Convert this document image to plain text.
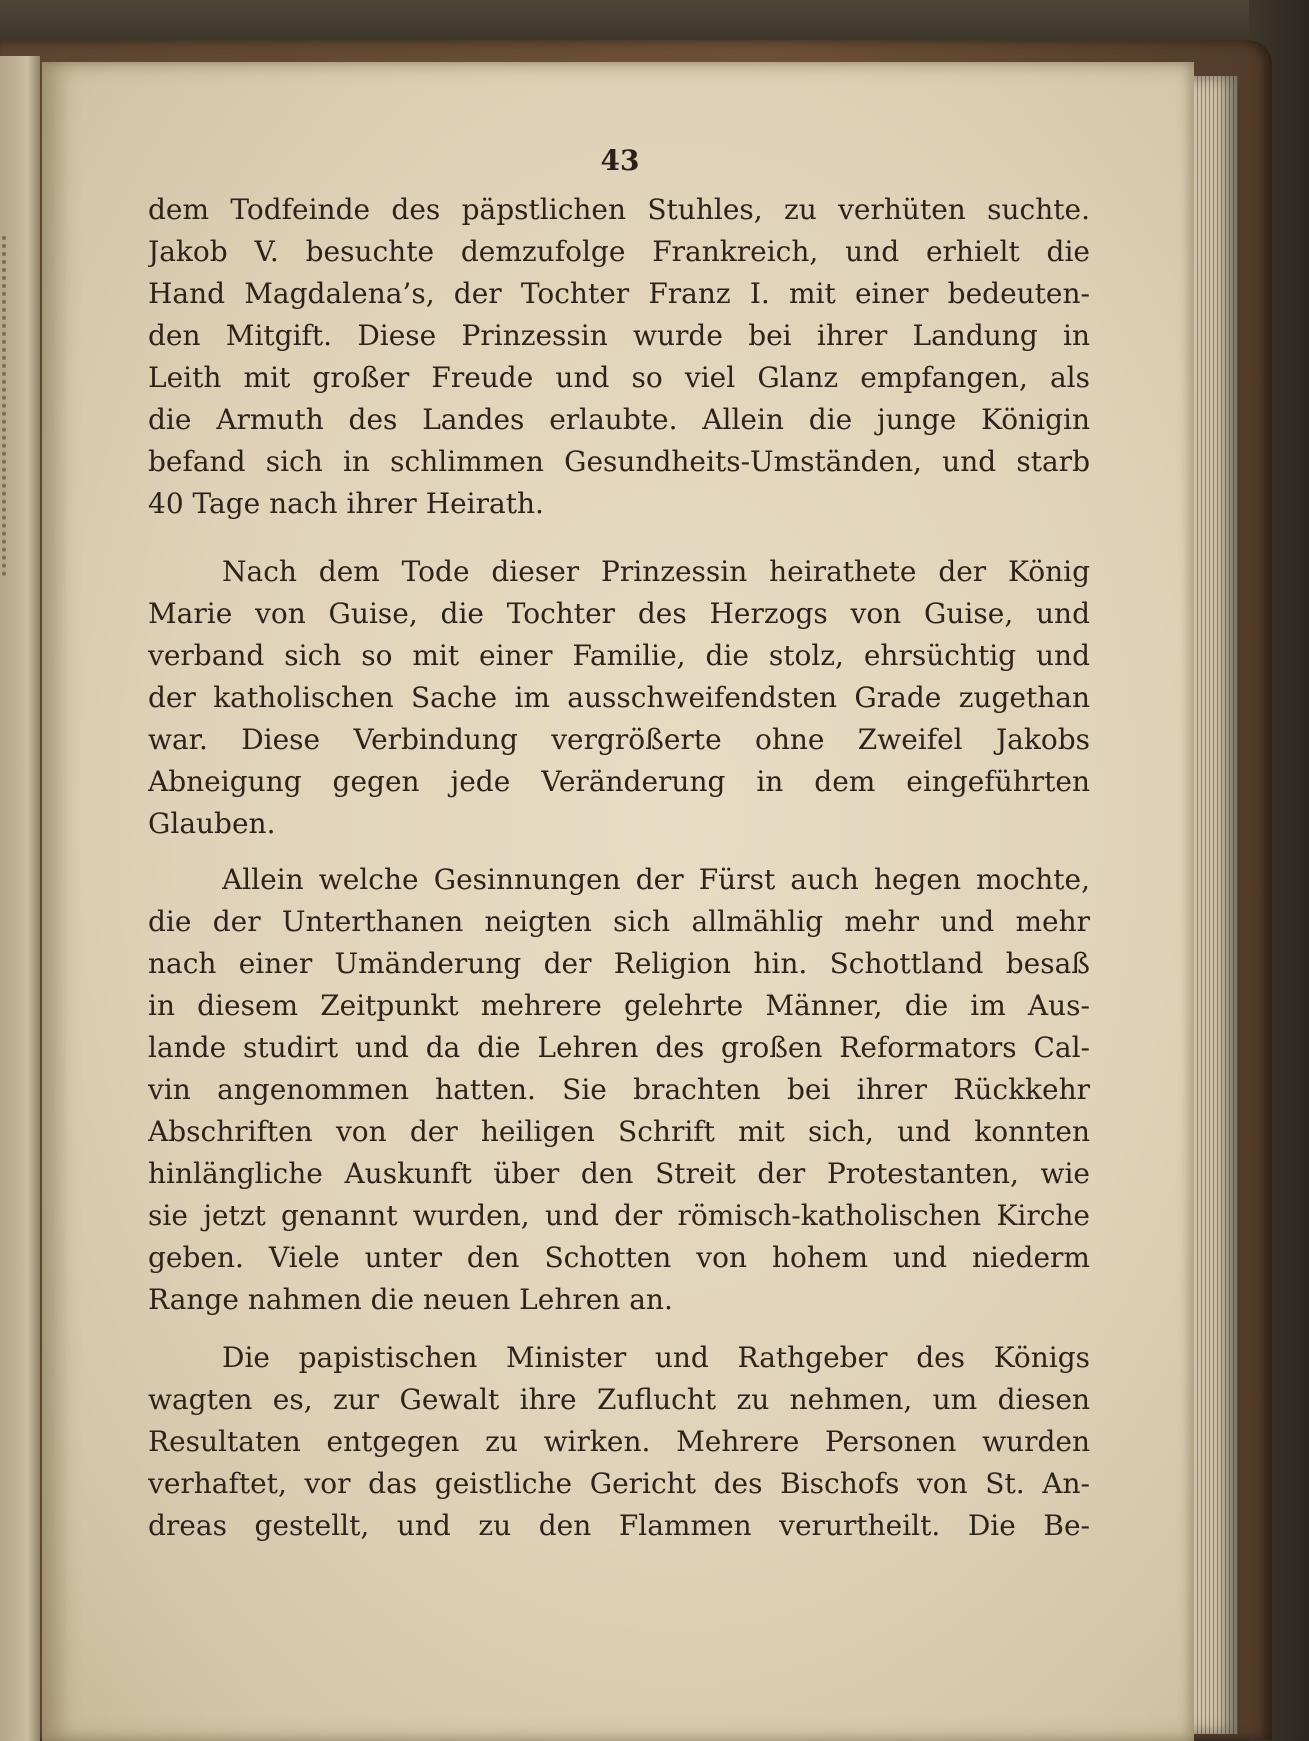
43

dem Todfeinde des päpstlichen Stuhles, zu verhüten suchte.

Jakob V. besuchte demzufolge Frankreich, und erhielt die

Hand Magdalena’s, der Tochter Franz I. mit einer bedeuten-

den Mitgift. Diese Prinzessin wurde bei ihrer Landung in

Leith mit großer Freude und so viel Glanz empfangen, als

die Armuth des Landes erlaubte. Allein die junge Königin

befand sich in schlimmen Gesundheits-Umständen, und starb

40 Tage nach ihrer Heirath.

Nach dem Tode dieser Prinzessin heirathete der König

Marie von Guise, die Tochter des Herzogs von Guise, und

verband sich so mit einer Familie, die stolz, ehrsüchtig und

der katholischen Sache im ausschweifendsten Grade zugethan

war. Diese Verbindung vergrößerte ohne Zweifel Jakobs

Abneigung gegen jede Veränderung in dem eingeführten

Glauben.

Allein welche Gesinnungen der Fürst auch hegen mochte,

die der Unterthanen neigten sich allmählig mehr und mehr

nach einer Umänderung der Religion hin. Schottland besaß

in diesem Zeitpunkt mehrere gelehrte Männer, die im Aus-

lande studirt und da die Lehren des großen Reformators Cal-

vin angenommen hatten. Sie brachten bei ihrer Rückkehr

Abschriften von der heiligen Schrift mit sich, und konnten

hinlängliche Auskunft über den Streit der Protestanten, wie

sie jetzt genannt wurden, und der römisch-katholischen Kirche

geben. Viele unter den Schotten von hohem und niederm

Range nahmen die neuen Lehren an.

Die papistischen Minister und Rathgeber des Königs

wagten es, zur Gewalt ihre Zuflucht zu nehmen, um diesen

Resultaten entgegen zu wirken. Mehrere Personen wurden

verhaftet, vor das geistliche Gericht des Bischofs von St. An-

dreas gestellt, und zu den Flammen verurtheilt. Die Be-
